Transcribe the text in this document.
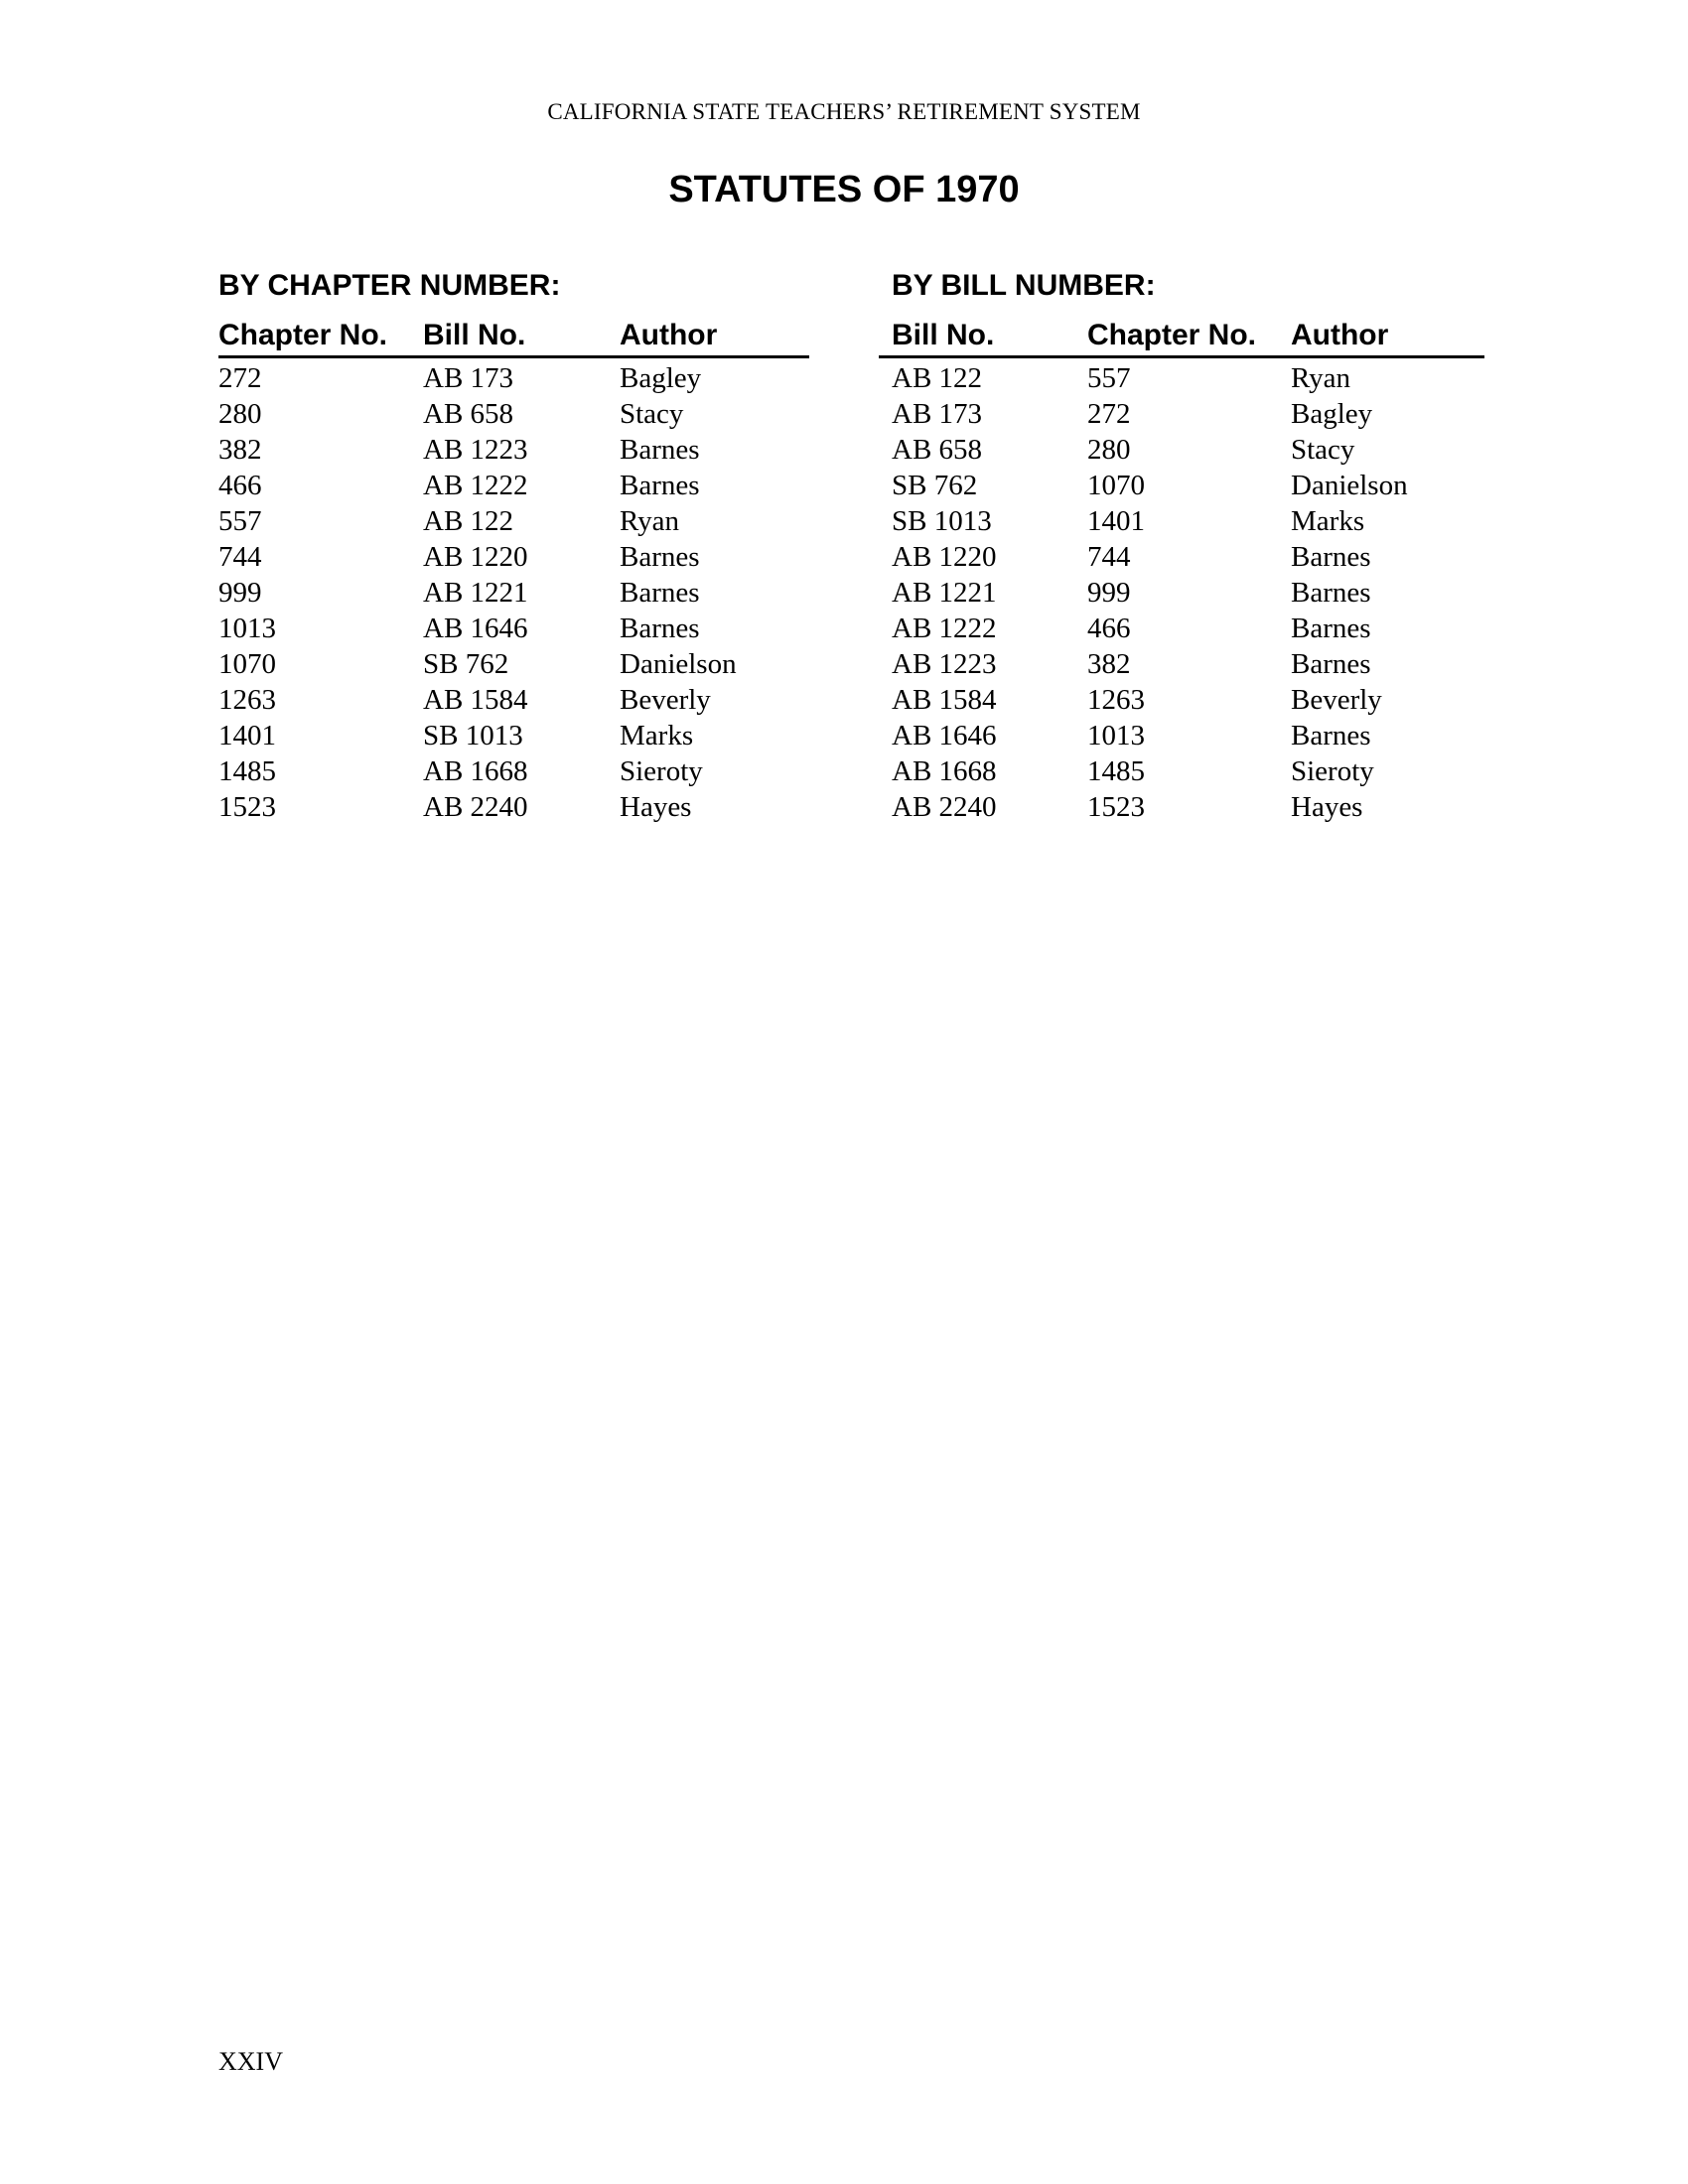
CALIFORNIA STATE TEACHERS’ RETIREMENT SYSTEM
STATUTES OF 1970
BY CHAPTER NUMBER:
Chapter No.	Bill No.	Author
272	AB 173	Bagley
280	AB 658	Stacy
382	AB 1223	Barnes
466	AB 1222	Barnes
557	AB 122	Ryan
744	AB 1220	Barnes
999	AB 1221	Barnes
1013	AB 1646	Barnes
1070	SB 762	Danielson
1263	AB 1584	Beverly
1401	SB 1013	Marks
1485	AB 1668	Sieroty
1523	AB 2240	Hayes
BY BILL NUMBER:
Bill No.	Chapter No.	Author
AB 122	557	Ryan
AB 173	272	Bagley
AB 658	280	Stacy
SB 762	1070	Danielson
SB 1013	1401	Marks
AB 1220	744	Barnes
AB 1221	999	Barnes
AB 1222	466	Barnes
AB 1223	382	Barnes
AB 1584	1263	Beverly
AB 1646	1013	Barnes
AB 1668	1485	Sieroty
AB 2240	1523	Hayes
XXIV
